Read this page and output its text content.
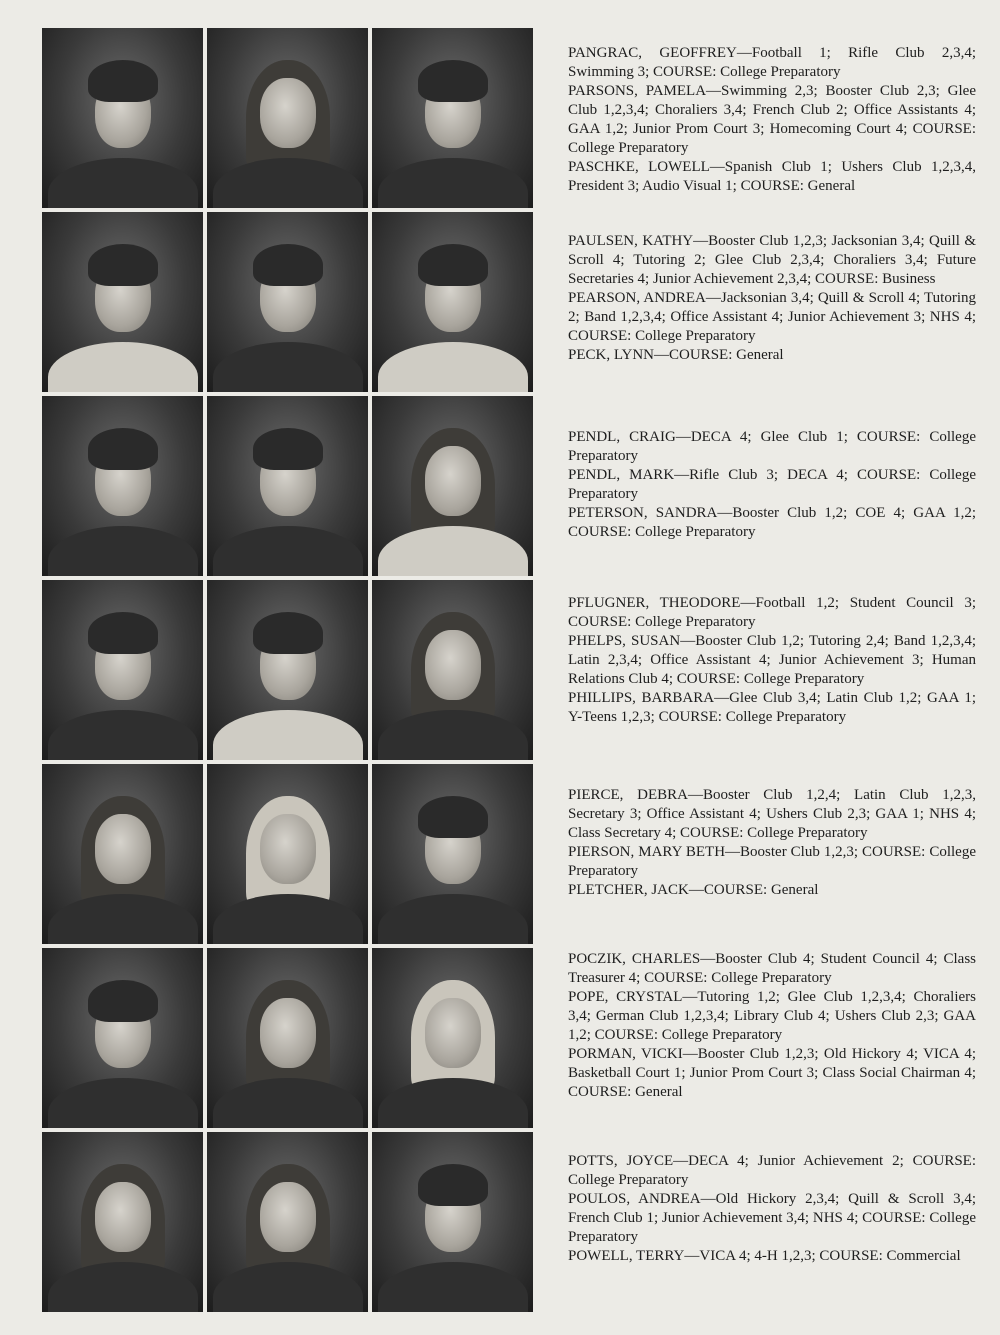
PANGRAC, GEOFFREY—Football 1; Rifle Club 2,3,4; Swimming 3; COURSE: College Preparatory

PARSONS, PAMELA—Swimming 2,3; Booster Club 2,3; Glee Club 1,2,3,4; Choraliers 3,4; French Club 2; Office Assistants 4; GAA 1,2; Junior Prom Court 3; Homecoming Court 4; COURSE: College Preparatory

PASCHKE, LOWELL—Spanish Club 1; Ushers Club 1,2,3,4, President 3; Audio Visual 1; COURSE: General

PAULSEN, KATHY—Booster Club 1,2,3; Jacksonian 3,4; Quill & Scroll 4; Tutoring 2; Glee Club 2,3,4; Choraliers 3,4; Future Secretaries 4; Junior Achievement 2,3,4; COURSE: Business

PEARSON, ANDREA—Jacksonian 3,4; Quill & Scroll 4; Tutoring 2; Band 1,2,3,4; Office Assistant 4; Junior Achievement 3; NHS 4; COURSE: College Preparatory

PECK, LYNN—COURSE: General

PENDL, CRAIG—DECA 4; Glee Club 1; COURSE: College Preparatory

PENDL, MARK—Rifle Club 3; DECA 4; COURSE: College Preparatory

PETERSON, SANDRA—Booster Club 1,2; COE 4; GAA 1,2; COURSE: College Preparatory

PFLUGNER, THEODORE—Football 1,2; Student Council 3; COURSE: College Preparatory

PHELPS, SUSAN—Booster Club 1,2; Tutoring 2,4; Band 1,2,3,4; Latin 2,3,4; Office Assistant 4; Junior Achievement 3; Human Relations Club 4; COURSE: College Preparatory

PHILLIPS, BARBARA—Glee Club 3,4; Latin Club 1,2; GAA 1; Y-Teens 1,2,3; COURSE: College Preparatory

PIERCE, DEBRA—Booster Club 1,2,4; Latin Club 1,2,3, Secretary 3; Office Assistant 4; Ushers Club 2,3; GAA 1; NHS 4; Class Secretary 4; COURSE: College Preparatory

PIERSON, MARY BETH—Booster Club 1,2,3; COURSE: College Preparatory

PLETCHER, JACK—COURSE: General

POCZIK, CHARLES—Booster Club 4; Student Council 4; Class Treasurer 4; COURSE: College Preparatory

POPE, CRYSTAL—Tutoring 1,2; Glee Club 1,2,3,4; Choraliers 3,4; German Club 1,2,3,4; Library Club 4; Ushers Club 2,3; GAA 1,2; COURSE: College Preparatory

PORMAN, VICKI—Booster Club 1,2,3; Old Hickory 4; VICA 4; Basketball Court 1; Junior Prom Court 3; Class Social Chairman 4; COURSE: General

POTTS, JOYCE—DECA 4; Junior Achievement 2; COURSE: College Preparatory

POULOS, ANDREA—Old Hickory 2,3,4; Quill & Scroll 3,4; French Club 1; Junior Achievement 3,4; NHS 4; COURSE: College Preparatory

POWELL, TERRY—VICA 4; 4-H 1,2,3; COURSE: Commercial
